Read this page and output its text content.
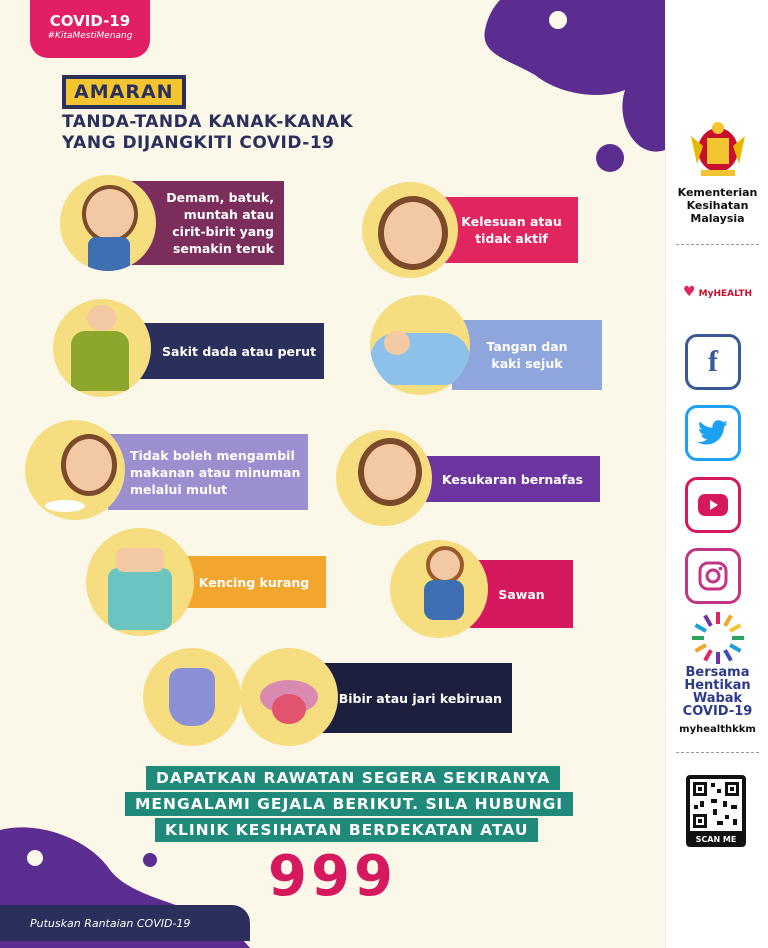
COVID-19
#KitaMestiMenang
AMARAN
TANDA-TANDA KANAK-KANAK
YANG DIJANGKITI COVID-19
Demam, batuk,
muntah atau
cirit-birit yang
semakin teruk
Kelesuan atau
tidak aktif
Sakit dada atau perut	Tangan dan
kaki sejuk
Tidak boleh mengambil
makanan atau minuman
melalui mulut
Kesukaran bernafas
Kencing kurang
Sawan
Bibir atau jari kebiruan
DAPATKAN RAWATAN SEGERA SEKIRANYA
MENGALAMI GEJALA BERIKUT. SILA HUBUNGI
KLINIK KESIHATAN BERDEKATAN ATAU
999
Putuskan Rantaian COVID-19
Kementerian
Kesihatan
Malaysia
♥ MyHEALTH
f
Bersama
Hentikan
Wabak
COVID-19
myhealthkkm
SCAN ME
